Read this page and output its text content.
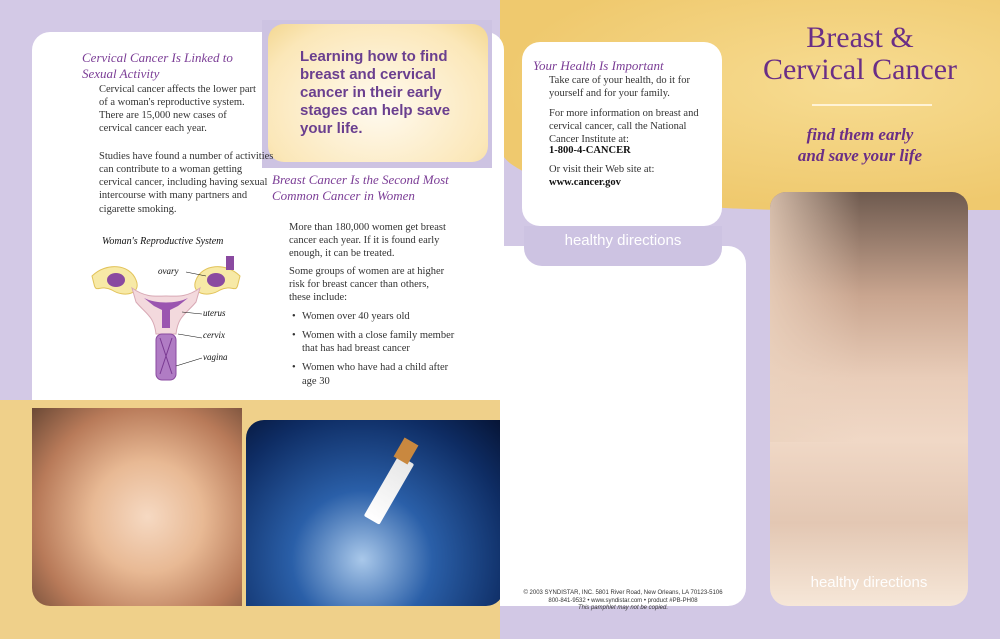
Learning how to find breast and cervical cancer in their early stages can help save your life.
Cervical Cancer Is Linked to Sexual Activity
Cervical cancer affects the lower part of a woman's reproductive system. There are 15,000 new cases of cervical cancer each year.
Studies have found a number of activities can contribute to a woman getting cervical cancer, including having sexual intercourse with many partners and cigarette smoking.
Woman's Reproductive System
ovary
uterus
cervix
vagina
Breast Cancer Is the Second Most Common Cancer in Women
More than 180,000 women get breast cancer each year. If it is found early enough, it can be treated.
Some groups of women are at higher risk for breast cancer than others, these include:
• Women over 40 years old
• Women with a close family member that has had breast cancer
• Women who have had a child after age 30
healthy directions
Your Health Is Important
Take care of your health, do it for yourself and for your family.
For more information on breast and cervical cancer, call the National Cancer Institute at:
1-800-4-CANCER
Or visit their Web site at:
www.cancer.gov
© 2003 SYNDISTAR, INC. 5801 River Road, New Orleans, LA 70123-5106
800-841-9532 • www.syndistar.com • product #PB-PH08
This pamphlet may not be copied.
Breast &
Cervical Cancer
find them early
and save your life
healthy directions
